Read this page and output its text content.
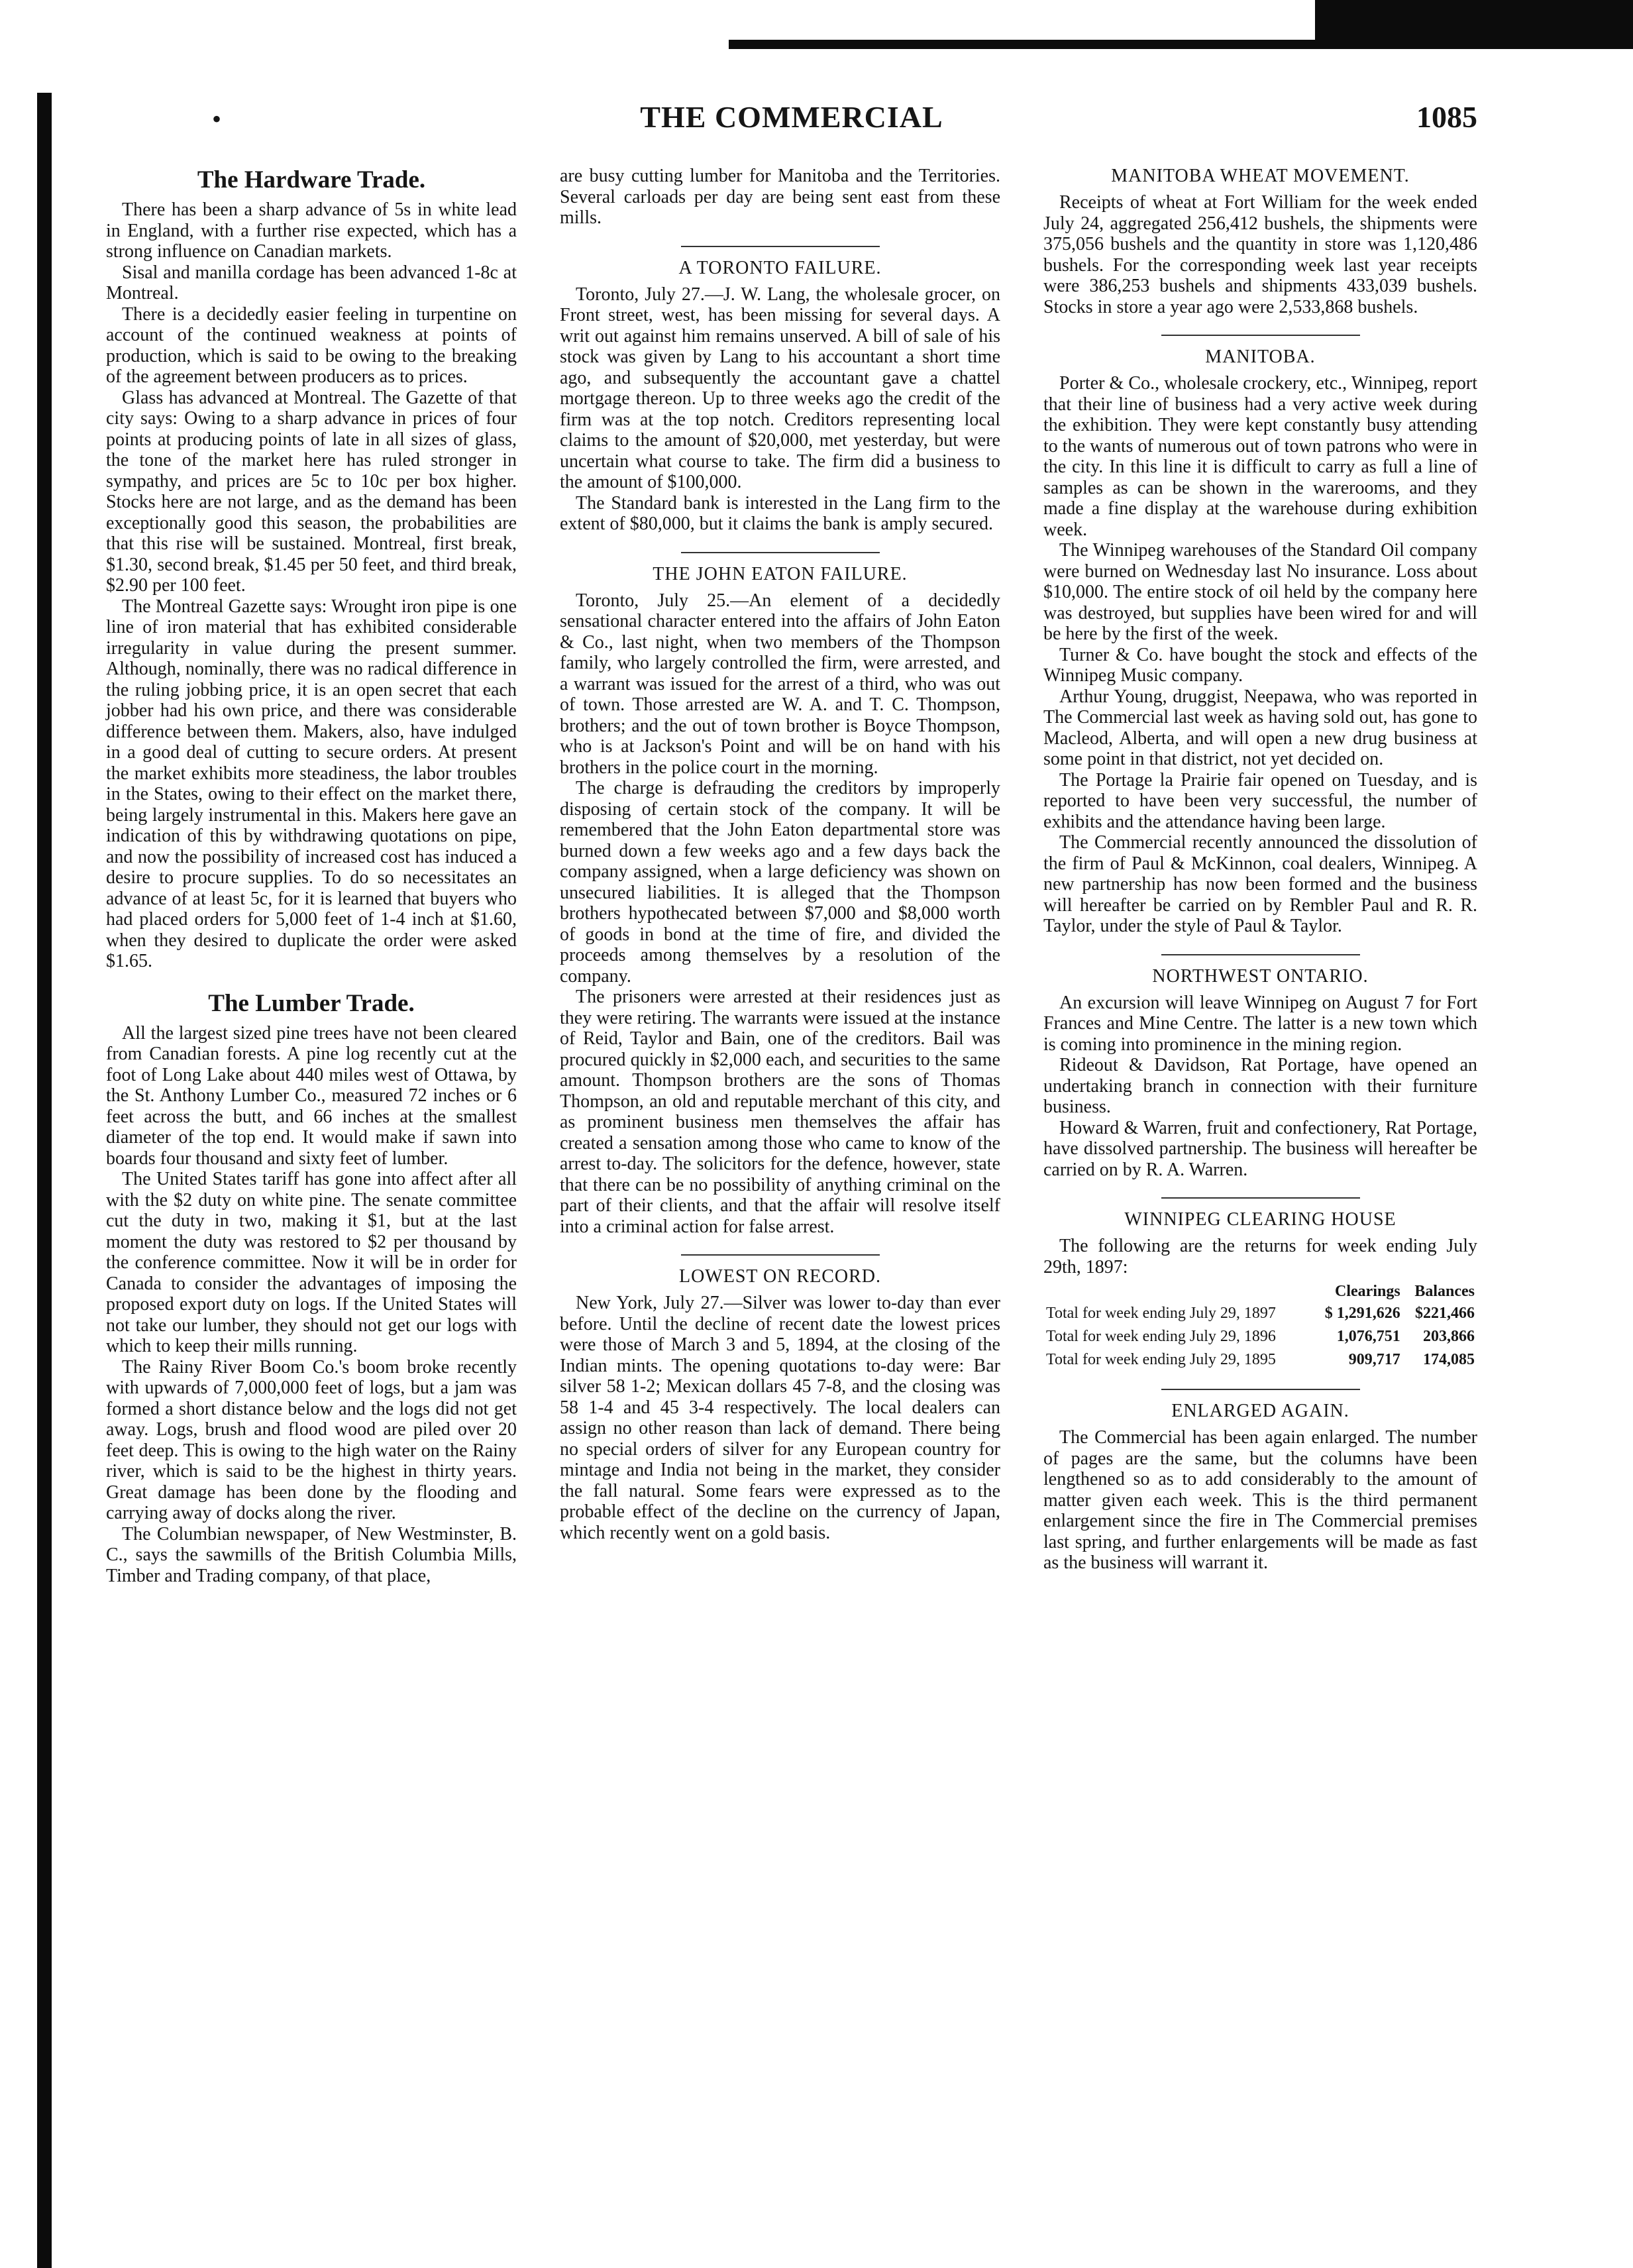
•	THE COMMERCIAL	1085
The Hardware Trade.

There has been a sharp advance of 5s in white lead in England, with a further rise expected, which has a strong influence on Canadian markets.

Sisal and manilla cordage has been advanced 1-8c at Montreal.

There is a decidedly easier feeling in turpentine on account of the continued weakness at points of production, which is said to be owing to the breaking of the agreement between producers as to prices.

Glass has advanced at Montreal. The Gazette of that city says: Owing to a sharp advance in prices of four points at producing points of late in all sizes of glass, the tone of the market here has ruled stronger in sympathy, and prices are 5c to 10c per box higher. Stocks here are not large, and as the demand has been exceptionally good this season, the probabilities are that this rise will be sustained. Montreal, first break, $1.30, second break, $1.45 per 50 feet, and third break, $2.90 per 100 feet.

The Montreal Gazette says: Wrought iron pipe is one line of iron material that has exhibited considerable irregularity in value during the present summer. Although, nominally, there was no radical difference in the ruling jobbing price, it is an open secret that each jobber had his own price, and there was considerable difference between them. Makers, also, have indulged in a good deal of cutting to secure orders. At present the market exhibits more steadiness, the labor troubles in the States, owing to their effect on the market there, being largely instrumental in this. Makers here gave an indication of this by withdrawing quotations on pipe, and now the possibility of increased cost has induced a desire to procure supplies. To do so necessitates an advance of at least 5c, for it is learned that buyers who had placed orders for 5,000 feet of 1-4 inch at $1.60, when they desired to duplicate the order were asked $1.65.

The Lumber Trade.

All the largest sized pine trees have not been cleared from Canadian forests. A pine log recently cut at the foot of Long Lake about 440 miles west of Ottawa, by the St. Anthony Lumber Co., measured 72 inches or 6 feet across the butt, and 66 inches at the smallest diameter of the top end. It would make if sawn into boards four thousand and sixty feet of lumber.

The United States tariff has gone into affect after all with the $2 duty on white pine. The senate committee cut the duty in two, making it $1, but at the last moment the duty was restored to $2 per thousand by the conference committee. Now it will be in order for Canada to consider the advantages of imposing the proposed export duty on logs. If the United States will not take our lumber, they should not get our logs with which to keep their mills running.

The Rainy River Boom Co.'s boom broke recently with upwards of 7,000,000 feet of logs, but a jam was formed a short distance below and the logs did not get away. Logs, brush and flood wood are piled over 20 feet deep. This is owing to the high water on the Rainy river, which is said to be the highest in thirty years. Great damage has been done by the flooding and carrying away of docks along the river.

The Columbian newspaper, of New Westminster, B. C., says the sawmills of the British Columbia Mills, Timber and Trading company, of that place,

are busy cutting lumber for Manitoba and the Territories. Several carloads per day are being sent east from these mills.

A TORONTO FAILURE.

Toronto, July 27.—J. W. Lang, the wholesale grocer, on Front street, west, has been missing for several days. A writ out against him remains unserved. A bill of sale of his stock was given by Lang to his accountant a short time ago, and subsequently the accountant gave a chattel mortgage thereon. Up to three weeks ago the credit of the firm was at the top notch. Creditors representing local claims to the amount of $20,000, met yesterday, but were uncertain what course to take. The firm did a business to the amount of $100,000.

The Standard bank is interested in the Lang firm to the extent of $80,000, but it claims the bank is amply secured.

THE JOHN EATON FAILURE.

Toronto, July 25.—An element of a decidedly sensational character entered into the affairs of John Eaton & Co., last night, when two members of the Thompson family, who largely controlled the firm, were arrested, and a warrant was issued for the arrest of a third, who was out of town. Those arrested are W. A. and T. C. Thompson, brothers; and the out of town brother is Boyce Thompson, who is at Jackson's Point and will be on hand with his brothers in the police court in the morning.

The charge is defrauding the creditors by improperly disposing of certain stock of the company. It will be remembered that the John Eaton departmental store was burned down a few weeks ago and a few days back the company assigned, when a large deficiency was shown on unsecured liabilities. It is alleged that the Thompson brothers hypothecated between $7,000 and $8,000 worth of goods in bond at the time of fire, and divided the proceeds among themselves by a resolution of the company.

The prisoners were arrested at their residences just as they were retiring. The warrants were issued at the instance of Reid, Taylor and Bain, one of the creditors. Bail was procured quickly in $2,000 each, and securities to the same amount. Thompson brothers are the sons of Thomas Thompson, an old and reputable merchant of this city, and as prominent business men themselves the affair has created a sensation among those who came to know of the arrest to-day. The solicitors for the defence, however, state that there can be no possibility of anything criminal on the part of their clients, and that the affair will resolve itself into a criminal action for false arrest.

LOWEST ON RECORD.

New York, July 27.—Silver was lower to-day than ever before. Until the decline of recent date the lowest prices were those of March 3 and 5, 1894, at the closing of the Indian mints. The opening quotations to-day were: Bar silver 58 1-2; Mexican dollars 45 7-8, and the closing was 58 1-4 and 45 3-4 respectively. The local dealers can assign no other reason than lack of demand. There being no special orders of silver for any European country for mintage and India not being in the market, they consider the fall natural. Some fears were expressed as to the probable effect of the decline on the currency of Japan, which recently went on a gold basis.

MANITOBA WHEAT MOVEMENT.

Receipts of wheat at Fort William for the week ended July 24, aggregated 256,412 bushels, the shipments were 375,056 bushels and the quantity in store was 1,120,486 bushels. For the corresponding week last year receipts were 386,253 bushels and shipments 433,039 bushels. Stocks in store a year ago were 2,533,868 bushels.

MANITOBA.

Porter & Co., wholesale crockery, etc., Winnipeg, report that their line of business had a very active week during the exhibition. They were kept constantly busy attending to the wants of numerous out of town patrons who were in the city. In this line it is difficult to carry as full a line of samples as can be shown in the warerooms, and they made a fine display at the warehouse during exhibition week.

The Winnipeg warehouses of the Standard Oil company were burned on Wednesday last No insurance. Loss about $10,000. The entire stock of oil held by the company here was destroyed, but supplies have been wired for and will be here by the first of the week.

Turner & Co. have bought the stock and effects of the Winnipeg Music company.

Arthur Young, druggist, Neepawa, who was reported in The Commercial last week as having sold out, has gone to Macleod, Alberta, and will open a new drug business at some point in that district, not yet decided on.

The Portage la Prairie fair opened on Tuesday, and is reported to have been very successful, the number of exhibits and the attendance having been large.

The Commercial recently announced the dissolution of the firm of Paul & McKinnon, coal dealers, Winnipeg. A new partnership has now been formed and the business will hereafter be carried on by Rembler Paul and R. R. Taylor, under the style of Paul & Taylor.

NORTHWEST ONTARIO.

An excursion will leave Winnipeg on August 7 for Fort Frances and Mine Centre. The latter is a new town which is coming into prominence in the mining region.

Rideout & Davidson, Rat Portage, have opened an undertaking branch in connection with their furniture business.

Howard & Warren, fruit and confectionery, Rat Portage, have dissolved partnership. The business will hereafter be carried on by R. A. Warren.

WINNIPEG CLEARING HOUSE

The following are the returns for week ending July 29th, 1897:

	Clearings	Balances
Total for week ending July 29, 1897	$ 1,291,626	$221,466
Total for week ending July 29, 1896	1,076,751	203,866
Total for week ending July 29, 1895	909,717	174,085
ENLARGED AGAIN.

The Commercial has been again enlarged. The number of pages are the same, but the columns have been lengthened so as to add considerably to the amount of matter given each week. This is the third permanent enlargement since the fire in The Commercial premises last spring, and further enlargements will be made as fast as the business will warrant it.
